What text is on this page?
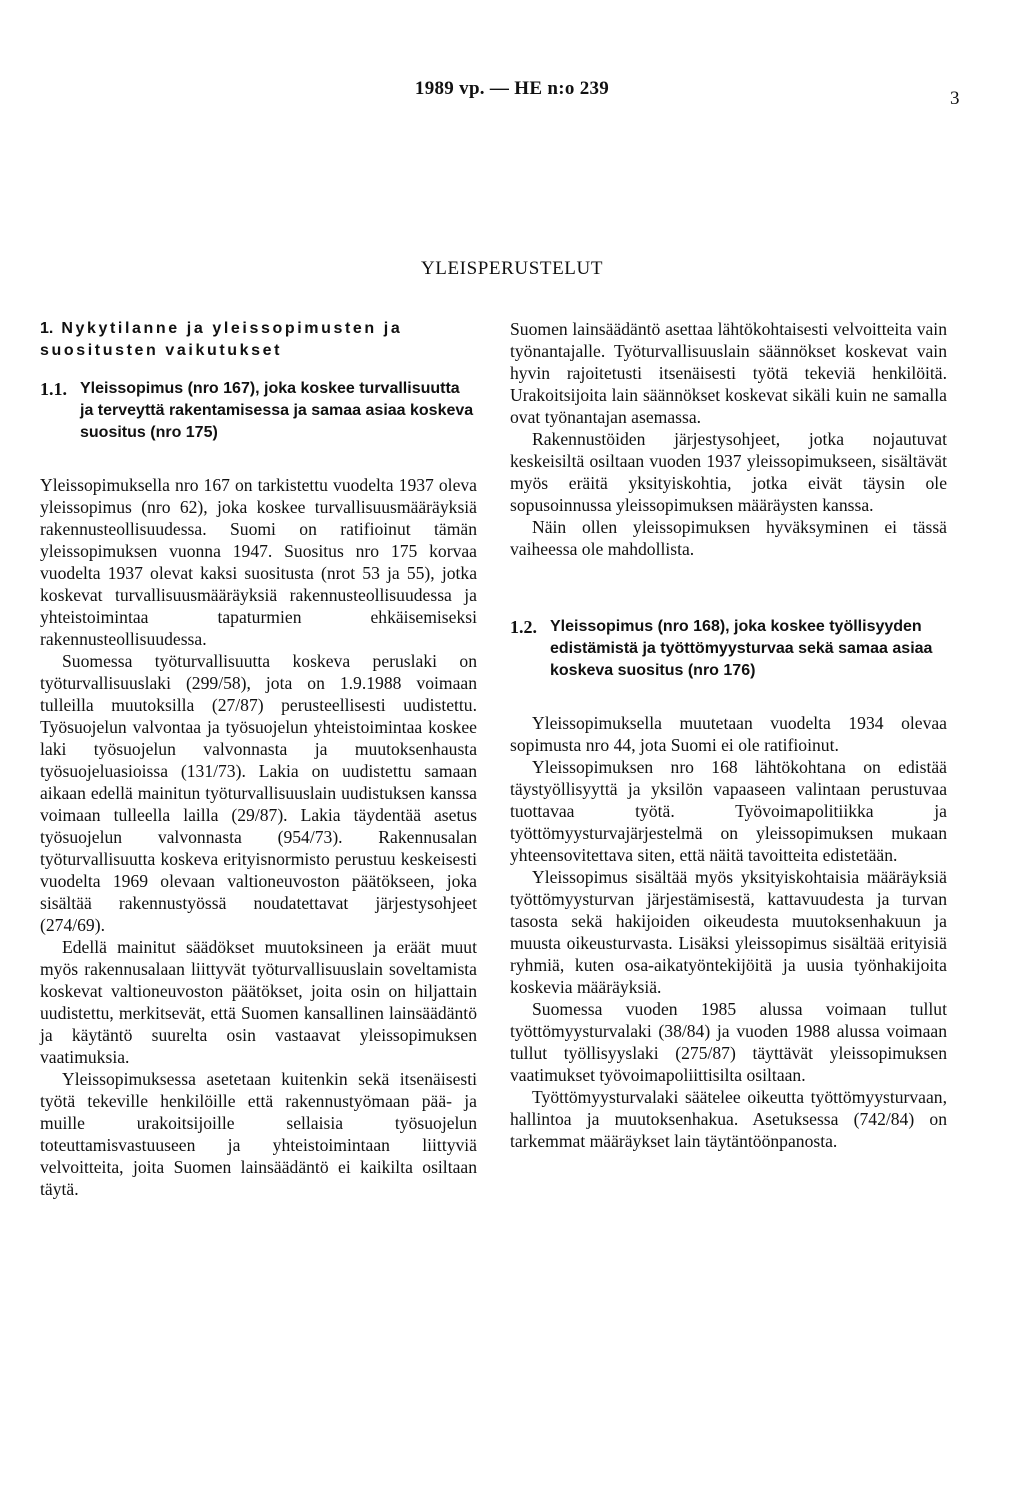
1989 vp. — HE n:o 239	3
YLEISPERUSTELUT
1. Nykytilanne ja yleissopimusten ja suositusten vaikutukset
1.1. Yleissopimus (nro 167), joka koskee turvallisuutta ja terveyttä rakentamisessa ja samaa asiaa koskeva suositus (nro 175)

Yleissopimuksella nro 167 on tarkistettu vuodelta 1937 oleva yleissopimus (nro 62), joka koskee turvallisuusmääräyksiä rakennusteollisuudessa. Suomi on ratifioinut tämän yleissopimuksen vuonna 1947. Suositus nro 175 korvaa vuodelta 1937 olevat kaksi suositusta (nrot 53 ja 55), jotka koskevat turvallisuusmääräyksiä rakennusteollisuudessa ja yhteistoimintaa tapaturmien ehkäisemiseksi rakennusteollisuudessa.

Suomessa työturvallisuutta koskeva peruslaki on työturvallisuuslaki (299/58), jota on 1.9.1988 voimaan tulleilla muutoksilla (27/87) perusteellisesti uudistettu. Työsuojelun valvontaa ja työsuojelun yhteistoimintaa koskee laki työsuojelun valvonnasta ja muutoksenhausta työsuojeluasioissa (131/73). Lakia on uudistettu samaan aikaan edellä mainitun työturvallisuuslain uudistuksen kanssa voimaan tulleella lailla (29/87). Lakia täydentää asetus työsuojelun valvonnasta (954/73). Rakennusalan työturvallisuutta koskeva erityisnormisto perustuu keskeisesti vuodelta 1969 olevaan valtioneuvoston päätökseen, joka sisältää rakennustyössä noudatettavat järjestysohjeet (274/69).

Edellä mainitut säädökset muutoksineen ja eräät muut myös rakennusalaan liittyvät työturvallisuuslain soveltamista koskevat valtioneuvoston päätökset, joita osin on hiljattain uudistettu, merkitsevät, että Suomen kansallinen lainsäädäntö ja käytäntö suurelta osin vastaavat yleissopimuksen vaatimuksia.

Yleissopimuksessa asetetaan kuitenkin sekä itsenäisesti työtä tekeville henkilöille että rakennustyömaan pää- ja muille urakoitsijoille sellaisia työsuojelun toteuttamisvastuuseen ja yhteistoimintaan liittyviä velvoitteita, joita Suomen lainsäädäntö ei kaikilta osiltaan täytä.

Suomen lainsäädäntö asettaa lähtökohtaisesti velvoitteita vain työnantajalle. Työturvallisuuslain säännökset koskevat vain hyvin rajoitetusti itsenäisesti työtä tekeviä henkilöitä. Urakoitsijoita lain säännökset koskevat sikäli kuin ne samalla ovat työnantajan asemassa.

Rakennustöiden järjestysohjeet, jotka nojautuvat keskeisiltä osiltaan vuoden 1937 yleissopimukseen, sisältävät myös eräitä yksityiskohtia, jotka eivät täysin ole sopusoinnussa yleissopimuksen määräysten kanssa.

Näin ollen yleissopimuksen hyväksyminen ei tässä vaiheessa ole mahdollista.

1.2. Yleissopimus (nro 168), joka koskee työllisyyden edistämistä ja työttömyysturvaa sekä samaa asiaa koskeva suositus (nro 176)

Yleissopimuksella muutetaan vuodelta 1934 olevaa sopimusta nro 44, jota Suomi ei ole ratifioinut.

Yleissopimuksen nro 168 lähtökohtana on edistää täystyöllisyyttä ja yksilön vapaaseen valintaan perustuvaa tuottavaa työtä. Työvoimapolitiikka ja työttömyysturvajärjestelmä on yleissopimuksen mukaan yhteensovitettava siten, että näitä tavoitteita edistetään.

Yleissopimus sisältää myös yksityiskohtaisia määräyksiä työttömyysturvan järjestämisestä, kattavuudesta ja turvan tasosta sekä hakijoiden oikeudesta muutoksenhakuun ja muusta oikeusturvasta. Lisäksi yleissopimus sisältää erityisiä ryhmiä, kuten osa-aikatyöntekijöitä ja uusia työnhakijoita koskevia määräyksiä.

Suomessa vuoden 1985 alussa voimaan tullut työttömyysturvalaki (38/84) ja vuoden 1988 alussa voimaan tullut työllisyyslaki (275/87) täyttävät yleissopimuksen vaatimukset työvoimapoliittisilta osiltaan.

Työttömyysturvalaki säätelee oikeutta työttömyysturvaan, hallintoa ja muutoksenhakua. Asetuksessa (742/84) on tarkemmat määräykset lain täytäntöönpanosta.
